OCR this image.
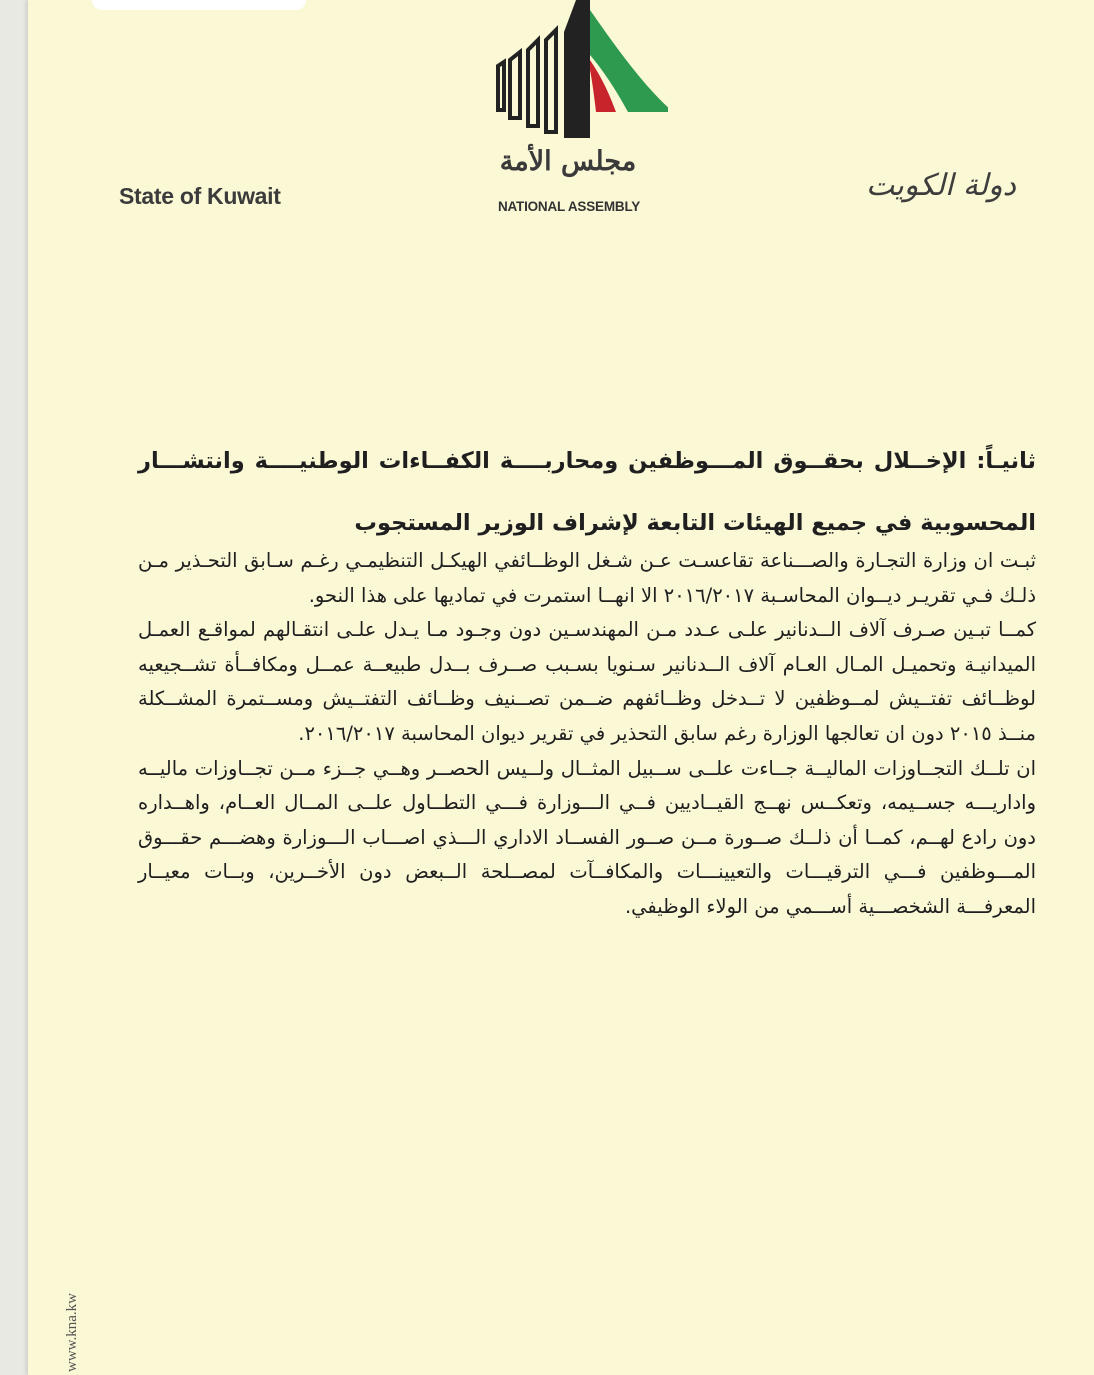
State of Kuwait
مجلس الأمة
NATIONAL ASSEMBLY
دولة الكويت
ثانيـاً: الإخــلال بحقــوق المـــوظفين ومحاربــــة الكفــاءات الوطنيــــة وانتشـــار المحسوبية في جميع الهيئات التابعة لإشراف الوزير المستجوب

ثبـت ان وزارة التجـارة والصـــناعة تقاعسـت عـن شـغل الوظــائفي الهيكـل التنظيمـي رغـم سـابق التحـذير مـن ذلـك فـي تقريـر ديــوان المحاسـبة ٢٠١٦/٢٠١٧ الا انهــا استمرت في تماديها على هذا النحو.

كمــا تبـين صـرف آلاف الــدنانير علـى عـدد مـن المهندسـين دون وجـود مـا يـدل علـى انتقـالهم لمواقـع العمـل الميدانيـة وتحميـل المـال العـام آلاف الــدنانير سـنويا بسـبب صــرف بــدل طبيعــة عمــل ومكافــأة تشــجيعيه لوظــائف تفتــيش لمــوظفين لا تــدخل وظــائفهم ضــمن تصــنيف وظــائف التفتــيش ومســتمرة المشــكلة منــذ ٢٠١٥ دون ان تعالجها الوزارة رغم سابق التحذير في تقرير ديوان المحاسبة ٢٠١٦/٢٠١٧.

ان تلــك التجــاوزات الماليــة جــاءت علــى ســبيل المثــال ولــيس الحصــر وهــي جــزء مــن تجــاوزات ماليــه واداريـــه جســيمه، وتعكــس نهــج القيــاديين فــي الـــوزارة فـــي التطــاول علــى المــال العــام، واهــداره دون رادع لهــم، كمــا أن ذلــك صــورة مــن صــور الفســاد الاداري الـــذي اصـــاب الـــوزارة وهضـــم حقـــوق المـــوظفين فـــي الترقيـــات والتعيينـــات والمكافــآت لمصــلحة الــبعض دون الأخــرين، وبــات معيــار المعرفـــة الشخصـــية أســـمي من الولاء الوظيفي.

www.kna.kw
